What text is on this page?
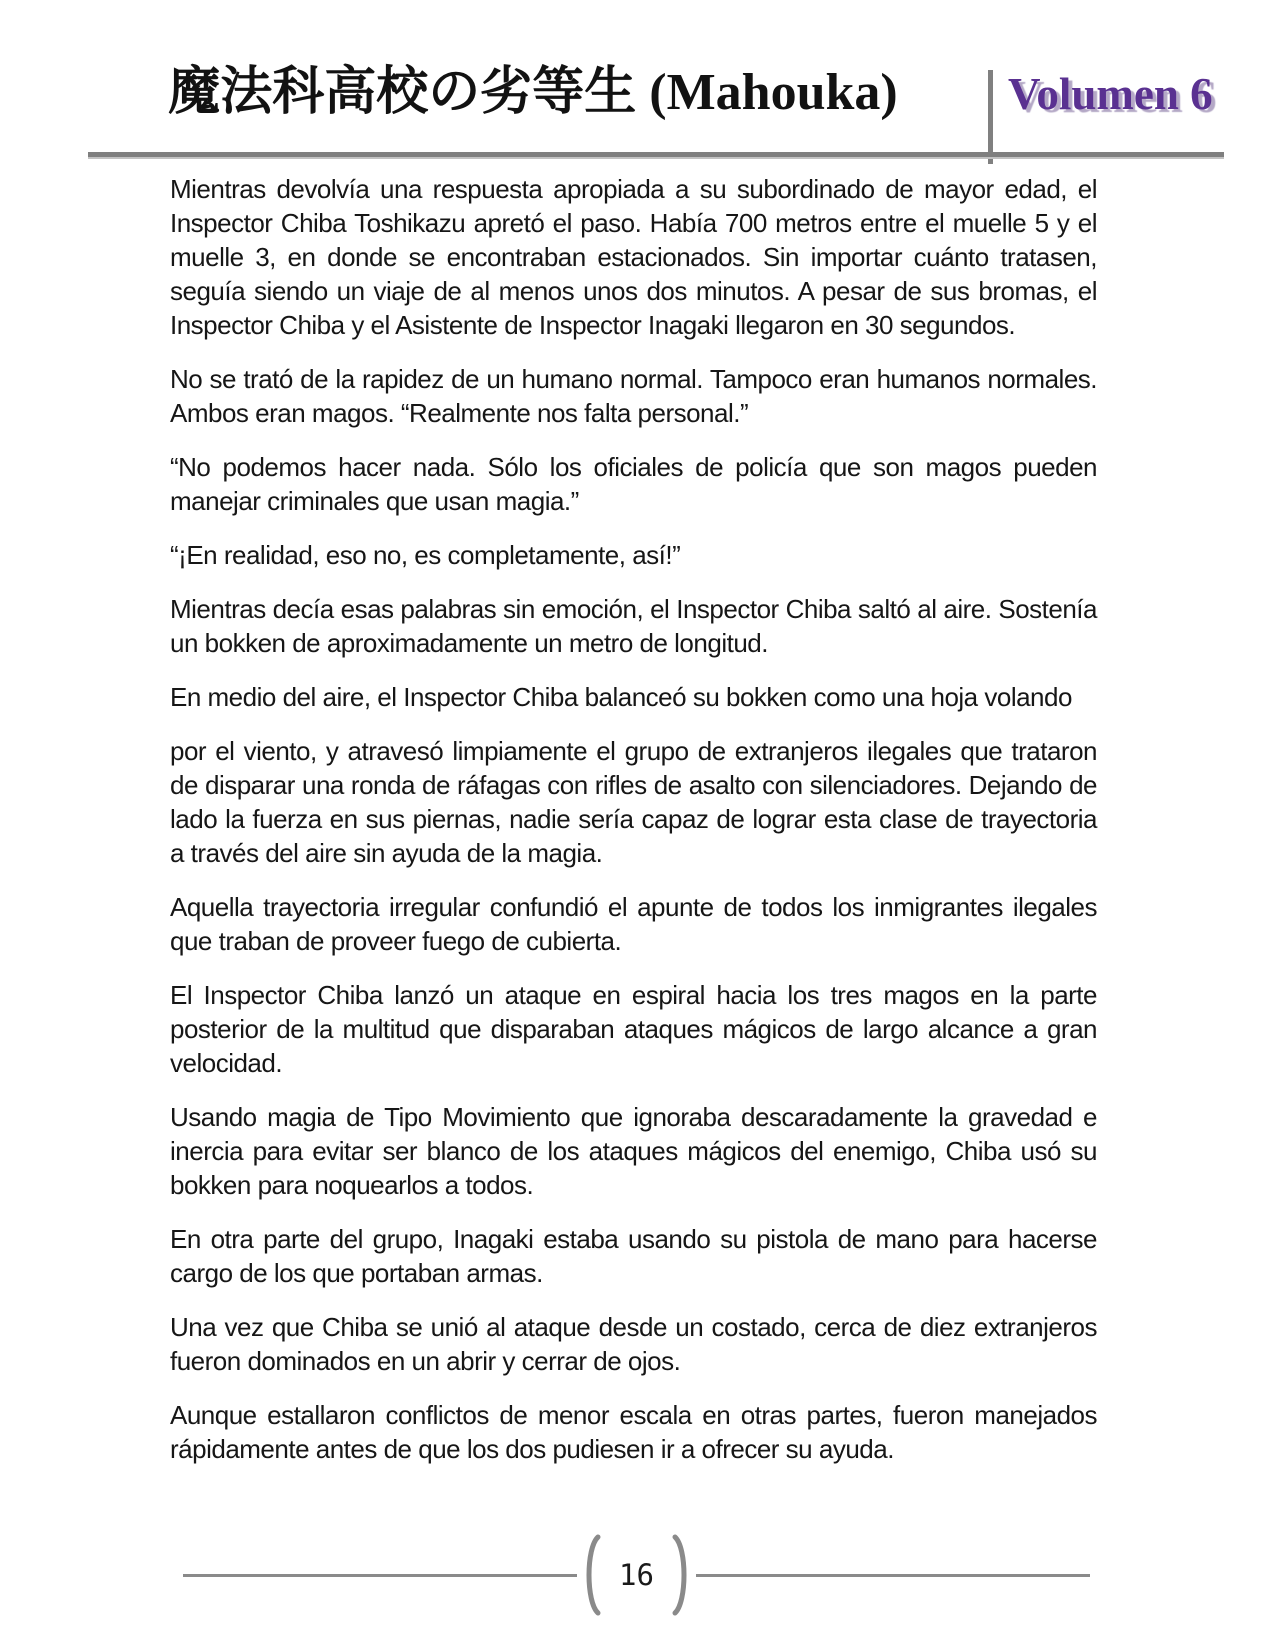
魔法科高校の劣等生 (Mahouka)	Volumen 6

Mientras devolvía una respuesta apropiada a su subordinado de mayor edad, el Inspector Chiba Toshikazu apretó el paso. Había 700 metros entre el muelle 5 y el muelle 3, en donde se encontraban estacionados. Sin importar cuánto tratasen, seguía siendo un viaje de al menos unos dos minutos. A pesar de sus bromas, el Inspector Chiba y el Asistente de Inspector Inagaki llegaron en 30 segundos.

No se trató de la rapidez de un humano normal. Tampoco eran humanos normales. Ambos eran magos. “Realmente nos falta personal.”

“No podemos hacer nada. Sólo los oficiales de policía que son magos pueden manejar criminales que usan magia.”

“¡En realidad, eso no, es completamente, así!”

Mientras decía esas palabras sin emoción, el Inspector Chiba saltó al aire. Sostenía un bokken de aproximadamente un metro de longitud.

En medio del aire, el Inspector Chiba balanceó su bokken como una hoja volando

por el viento, y atravesó limpiamente el grupo de extranjeros ilegales que trataron de disparar una ronda de ráfagas con rifles de asalto con silenciadores. Dejando de lado la fuerza en sus piernas, nadie sería capaz de lograr esta clase de trayectoria a través del aire sin ayuda de la magia.

Aquella trayectoria irregular confundió el apunte de todos los inmigrantes ilegales que traban de proveer fuego de cubierta.

El Inspector Chiba lanzó un ataque en espiral hacia los tres magos en la parte posterior de la multitud que disparaban ataques mágicos de largo alcance a gran velocidad.

Usando magia de Tipo Movimiento que ignoraba descaradamente la gravedad e inercia para evitar ser blanco de los ataques mágicos del enemigo, Chiba usó su bokken para noquearlos a todos.

En otra parte del grupo, Inagaki estaba usando su pistola de mano para hacerse cargo de los que portaban armas.

Una vez que Chiba se unió al ataque desde un costado, cerca de diez extranjeros fueron dominados en un abrir y cerrar de ojos.

Aunque estallaron conflictos de menor escala en otras partes, fueron manejados rápidamente antes de que los dos pudiesen ir a ofrecer su ayuda.

16
